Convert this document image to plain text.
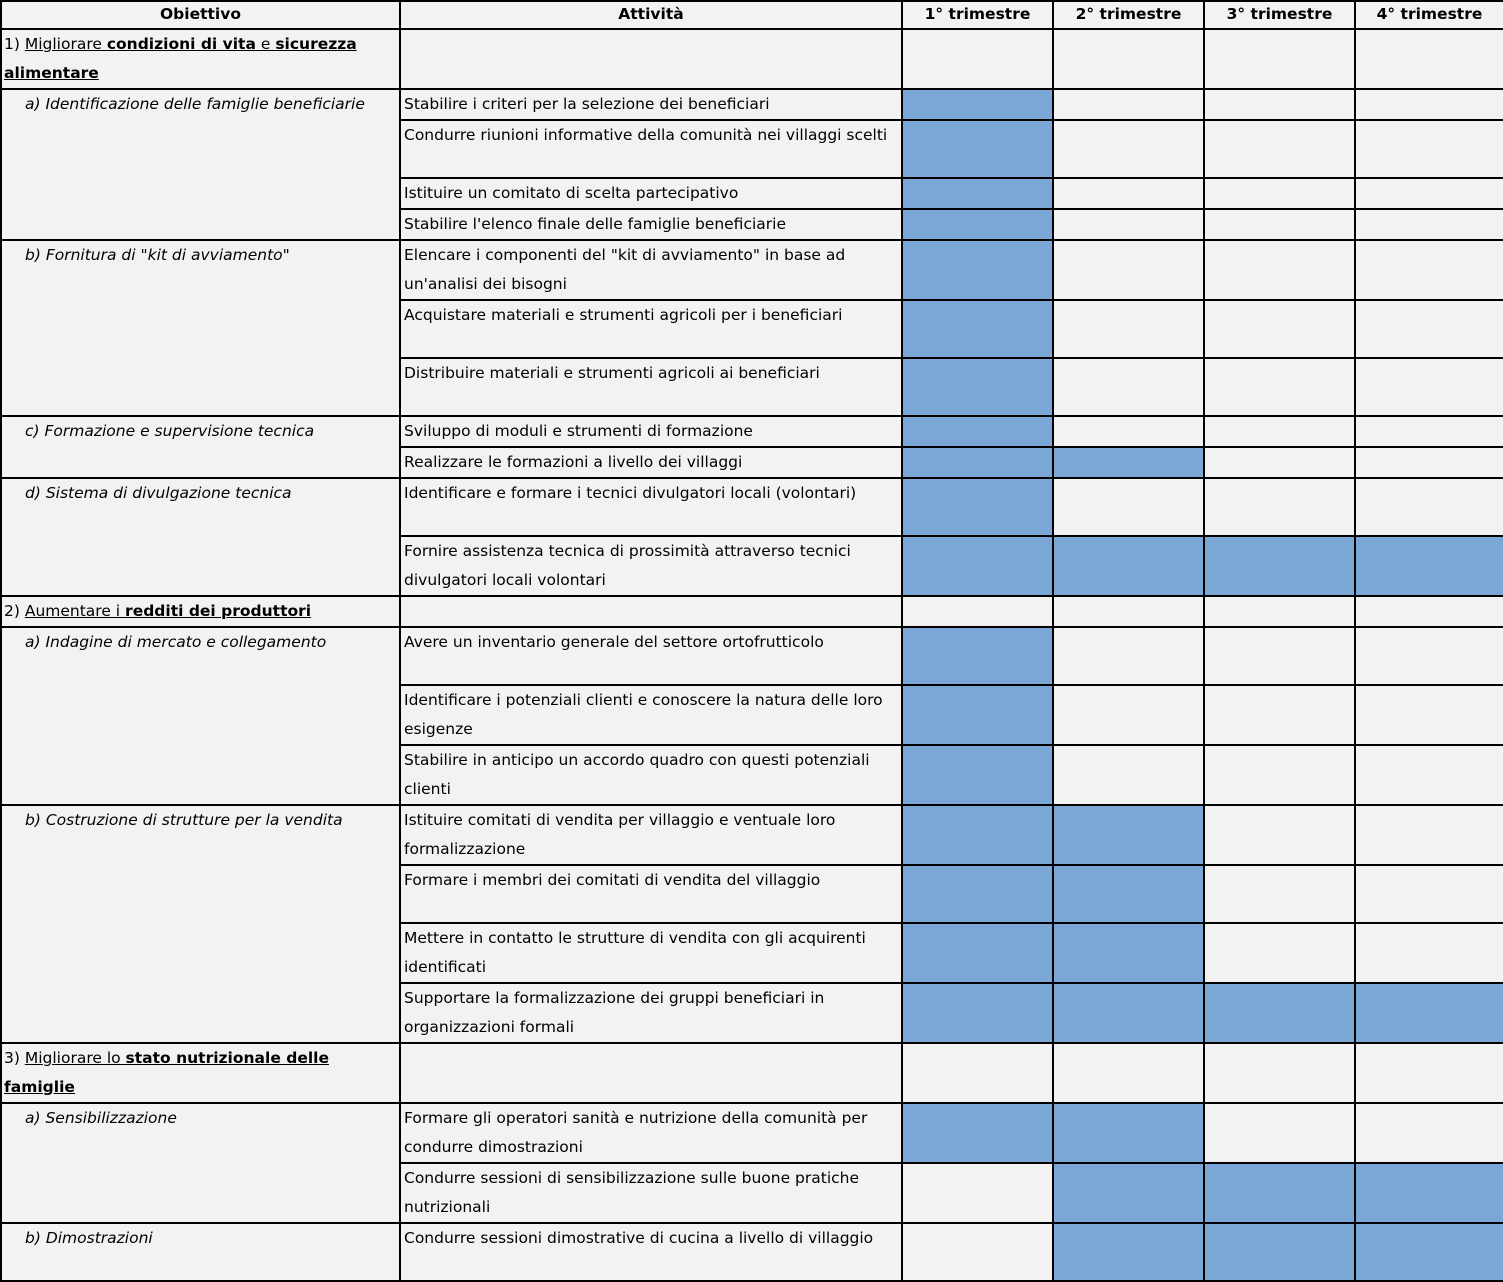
Obiettivo	Attività	1° trimestre	2° trimestre	3° trimestre	4° trimestre
1) Migliorare condizioni di vita e sicurezza alimentare					
a) Identificazione delle famiglie beneficiarie	Stabilire i criteri per la selezione dei beneficiari				
	Condurre riunioni informative della comunità nei villaggi scelti				
	Istituire un comitato di scelta partecipativo				
	Stabilire l'elenco finale delle famiglie beneficiarie				
b) Fornitura di "kit di avviamento"	Elencare i componenti del "kit di avviamento" in base ad un'analisi dei bisogni				
	Acquistare materiali e strumenti agricoli per i beneficiari				
	Distribuire materiali e strumenti agricoli ai beneficiari				
c) Formazione e supervisione tecnica	Sviluppo di moduli e strumenti di formazione				
	Realizzare le formazioni a livello dei villaggi				
d) Sistema di divulgazione tecnica	Identificare e formare i tecnici divulgatori locali (volontari)				
	Fornire assistenza tecnica di prossimità attraverso tecnici divulgatori locali volontari				
2) Aumentare i redditi dei produttori					
a) Indagine di mercato e collegamento	Avere un inventario generale del settore ortofrutticolo				
	Identificare i potenziali clienti e conoscere la natura delle loro esigenze				
	Stabilire in anticipo un accordo quadro con questi potenziali clienti				
b) Costruzione di strutture per la vendita	Istituire comitati di vendita per villaggio e ventuale loro formalizzazione				
	Formare i membri dei comitati di vendita del villaggio				
	Mettere in contatto le strutture di vendita con gli acquirenti identificati				
	Supportare la formalizzazione dei gruppi beneficiari in organizzazioni formali				
3) Migliorare lo stato nutrizionale delle famiglie					
a) Sensibilizzazione	Formare gli operatori sanità e nutrizione della comunità per condurre dimostrazioni				
	Condurre sessioni di sensibilizzazione sulle buone pratiche nutrizionali				
b) Dimostrazioni	Condurre sessioni dimostrative di cucina a livello di villaggio				
